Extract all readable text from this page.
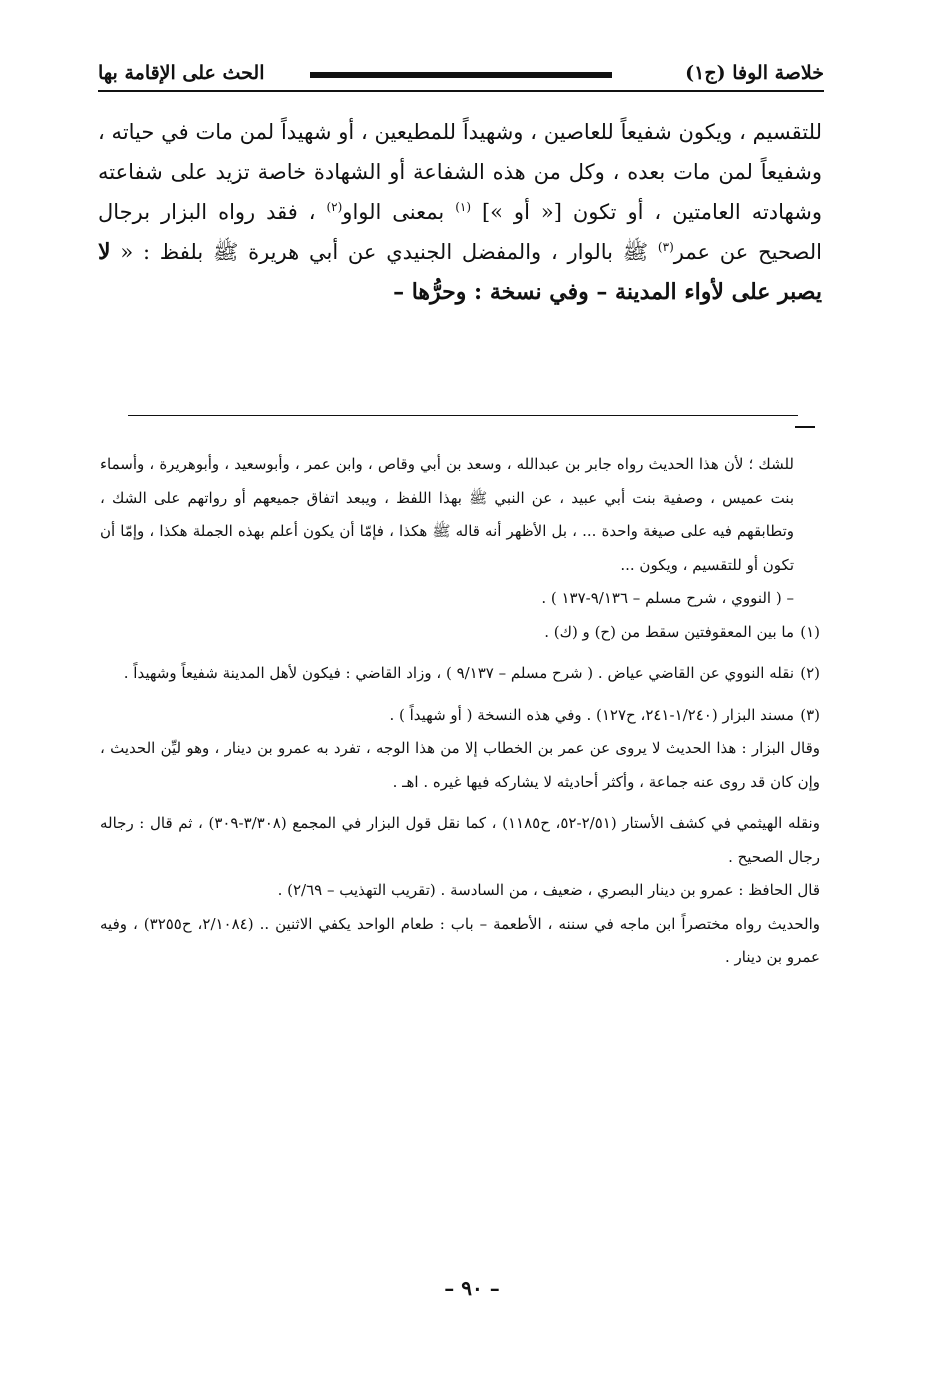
خلاصة الوفا (ج١)
الحث على الإقامة بها

للتقسيم ، ويكون شفيعاً للعاصين ، وشهيداً للمطيعين ، أو شهيداً لمن مات في حياته ، وشفيعاً لمن مات بعده ، وكل من هذه الشفاعة أو الشهادة خاصة تزيد على شفاعته وشهادته العامتين ، أو تكون [« أو »] $^{(١)}$ بمعنى الواو$^{(٢)}$ ، فقد رواه البزار برجال الصحيح عن عمر$^{(٣)}$ ﷺ بالوار ، والمفضل الجنيدي عن أبي هريرة ﷺ بلفظ : « لا يصبر على لأواء المدينة – وفي نسخة : وحرُّها –

للشك ؛ لأن هذا الحديث رواه جابر بن عبدالله ، وسعد بن أبي وقاص ، وابن عمر ، وأبوسعيد ، وأبوهريرة ، وأسماء بنت عميس ، وصفية بنت أبي عبيد ، عن النبي ﷺ بهذا اللفظ ، ويبعد اتفاق جميعهم أو رواتهم على الشك ، وتطابقهم فيه على صيغة واحدة ... ، بل الأظهر أنه قاله ﷺ هكذا ، فإمّا أن يكون أعلم بهذه الجملة هكذا ، وإمّا أن تكون أو للتقسيم ، ويكون ...
– ( النووي ، شرح مسلم – ٩/١٣٦-١٣٧ ) .
(١)
ما بين المعقوفتين سقط من (ح) و (ك) .
(٢)
نقله النووي عن القاضي عياض . ( شرح مسلم – ٩/١٣٧ ) ، وزاد القاضي : فيكون لأهل المدينة شفيعاً وشهيداً .
(٣)
مسند البزار (١/٢٤٠-٢٤١، ح١٢٧) . وفي هذه النسخة ( أو شهيداً ) .
وقال البزار : هذا الحديث لا يروى عن عمر بن الخطاب إلا من هذا الوجه ، تفرد به عمرو بن دينار ، وهو ليِّن الحديث ، وإن كان قد روى عنه جماعة ، وأكثر أحاديثه لا يشاركه فيها غيره . اهـ .
ونقله الهيثمي في كشف الأستار (٢/٥١-٥٢، ح١١٨٥) ، كما نقل قول البزار في المجمع (٣/٣٠٨-٣٠٩) ، ثم قال : رجاله رجال الصحيح .
قال الحافظ : عمرو بن دينار البصري ، ضعيف ، من السادسة . (تقريب التهذيب – ٢/٦٩) .
والحديث رواه مختصراً ابن ماجه في سننه ، الأطعمة – باب : طعام الواحد يكفي الاثنين .. (٢/١٠٨٤، ح٣٢٥٥) ، وفيه عمرو بن دينار .
– ٩٠ –
